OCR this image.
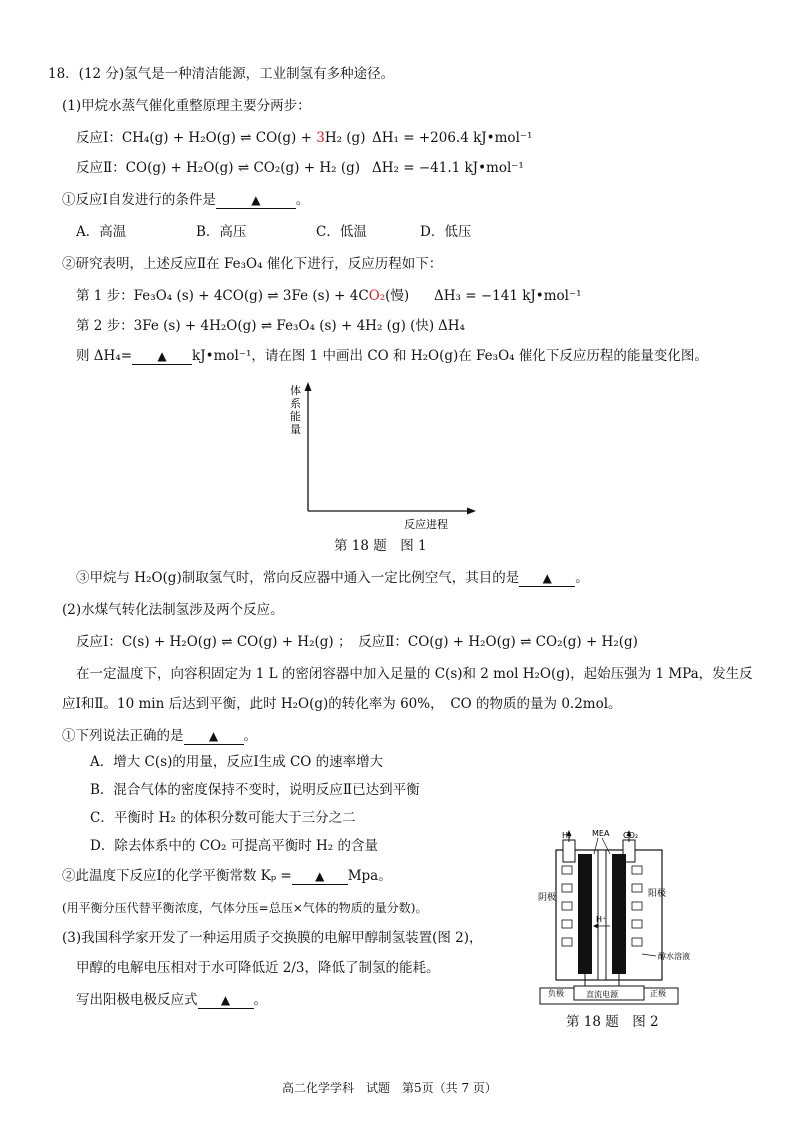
18．(12 分)氢气是一种清洁能源，工业制氢有多种途径。
(1)甲烷水蒸气催化重整原理主要分两步：
反应Ⅰ：CH₄(g) + H₂O(g) ⇌ CO(g) + 3H₂ (g) ΔH₁ = +206.4 kJ•mol⁻¹
反应Ⅱ：CO(g) + H₂O(g) ⇌ CO₂(g) + H₂ (g) ΔH₂ = −41.1 kJ•mol⁻¹
①反应Ⅰ自发进行的条件是	▲	。
A．高温	B．高压	C．低温	D．低压
②研究表明，上述反应Ⅱ在 Fe₃O₄ 催化下进行，反应历程如下：
第 1 步：Fe₃O₄ (s) + 4CO(g) ⇌ 3Fe (s) + 4CO₂(慢) ΔH₃ = −141 kJ•mol⁻¹
第 2 步：3Fe (s) + 4H₂O(g) ⇌ Fe₃O₄ (s) + 4H₂ (g) (快) ΔH₄
则 ΔH₄= ▲ kJ•mol⁻¹，请在图 1 中画出 CO 和 H₂O(g)在 Fe₃O₄ 催化下反应历程的能量变化图。
体
系
能
量
反应进程
第 18 题　图 1
③甲烷与 H₂O(g)制取氢气时，常向反应器中通入一定比例空气，其目的是 ▲ 。
(2)水煤气转化法制氢涉及两个反应。
反应Ⅰ：C(s) + H₂O(g) ⇌ CO(g) + H₂(g) ；　反应Ⅱ：CO(g) + H₂O(g) ⇌ CO₂(g) + H₂(g)
在一定温度下，向容积固定为 1 L 的密闭容器中加入足量的 C(s)和 2 mol H₂O(g)，起始压强为 1 MPa，发生反
应Ⅰ和Ⅱ。10 min 后达到平衡，此时 H₂O(g)的转化率为 60%，　CO 的物质的量为 0.2mol。
①下列说法正确的是 ▲ 。
A．增大 C(s)的用量，反应Ⅰ生成 CO 的速率增大
B．混合气体的密度保持不变时，说明反应Ⅱ已达到平衡
C．平衡时 H₂ 的体积分数可能大于三分之二
D．除去体系中的 CO₂ 可提高平衡时 H₂ 的含量
②此温度下反应Ⅰ的化学平衡常数 Kₚ = ▲ Mpa。
(用平衡分压代替平衡浓度，气体分压=总压×气体的物质的量分数)。
(3)我国科学家开发了一种运用质子交换膜的电解甲醇制氢装置(图 2)，
甲醇的电解电压相对于水可降低近 2/3，降低了制氢的能耗。
写出阳极电极反应式 ▲ 。
H₂	MEA CO₂
阴极	阳极
H⁺
醇水溶液
负极	直流电源	正极
第 18 题　图 2
高二化学学科　试题　第5页（共 7 页）
